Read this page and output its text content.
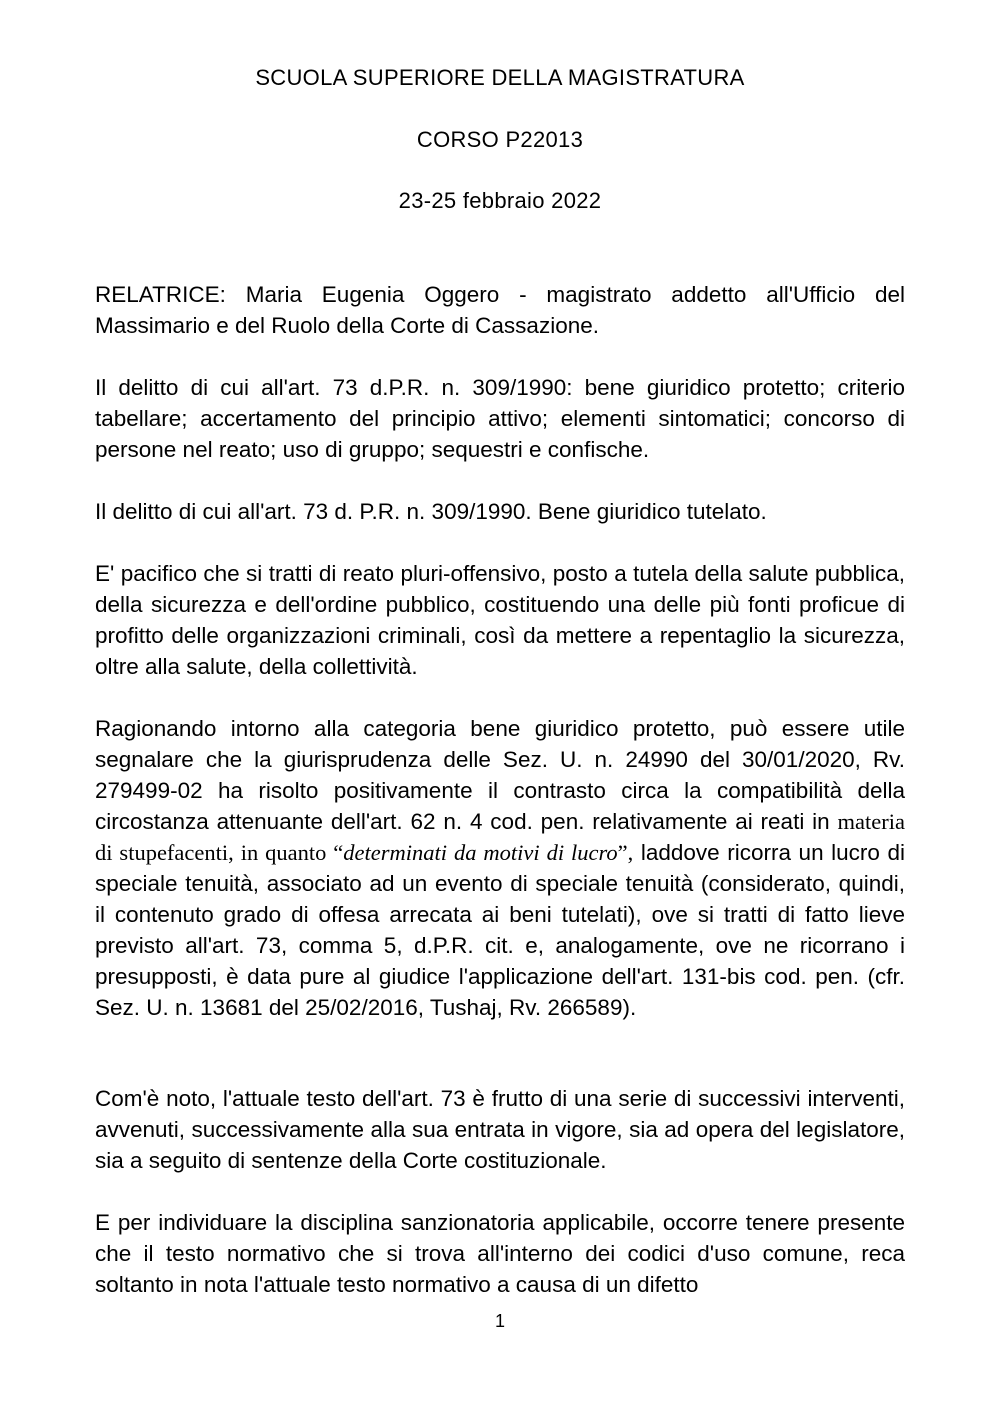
SCUOLA SUPERIORE DELLA MAGISTRATURA
CORSO P22013
23-25 febbraio 2022

RELATRICE: Maria Eugenia Oggero - magistrato addetto all'Ufficio del Massimario e del Ruolo della Corte di Cassazione.

Il delitto di cui all'art. 73 d.P.R. n. 309/1990: bene giuridico protetto; criterio tabellare; accertamento del principio attivo; elementi sintomatici; concorso di persone nel reato; uso di gruppo; sequestri e confische.

Il delitto di cui all'art. 73 d. P.R. n. 309/1990. Bene giuridico tutelato.

E' pacifico che si tratti di reato pluri-offensivo, posto a tutela della salute pubblica, della sicurezza e dell'ordine pubblico, costituendo una delle più fonti proficue di profitto delle organizzazioni criminali, così da mettere a repentaglio la sicurezza, oltre alla salute, della collettività.

Ragionando intorno alla categoria bene giuridico protetto, può essere utile segnalare che la giurisprudenza delle Sez. U. n. 24990 del 30/01/2020, Rv. 279499-02 ha risolto positivamente il contrasto circa la compatibilità della circostanza attenuante dell'art. 62 n. 4 cod. pen. relativamente ai reati in materia di stupefacenti, in quanto “determinati da motivi di lucro”, laddove ricorra un lucro di speciale tenuità, associato ad un evento di speciale tenuità (considerato, quindi, il contenuto grado di offesa arrecata ai beni tutelati), ove si tratti di fatto lieve previsto all'art. 73, comma 5, d.P.R. cit. e, analogamente, ove ne ricorrano i presupposti, è data pure al giudice l'applicazione dell'art. 131-bis cod. pen. (cfr. Sez. U. n. 13681 del 25/02/2016, Tushaj, Rv. 266589).

Com'è noto, l'attuale testo dell'art. 73 è frutto di una serie di successivi interventi, avvenuti, successivamente alla sua entrata in vigore, sia ad opera del legislatore, sia a seguito di sentenze della Corte costituzionale.

E per individuare la disciplina sanzionatoria applicabile, occorre tenere presente che il testo normativo che si trova all'interno dei codici d'uso comune, reca soltanto in nota l'attuale testo normativo a causa di un difetto

1
